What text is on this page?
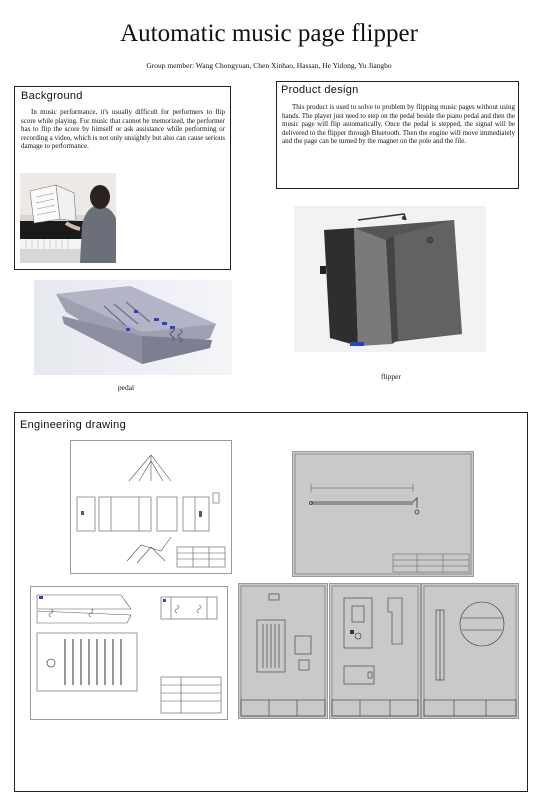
Automatic music page flipper
Group member: Wang Chongyuan, Chen Xinhao, Hassan, He Yidong, Yu Jiangbo
Background
In music performance, it's usually difficult for performers to flip score while playing. For music that cannot be memorized, the performer has to flip the score by himself or ask assistance while performing or recording a video, which is not only unsightly but also can cause serious damage to performance.
Product design
This product is used to solve to problem by flipping music pages without using hands. The player just need to step on the pedal beside the piano pedal and then the music page will flip automatically. Once the pedal is stepped, the signal will be delivered to the flipper through Bluetooth. Then the engine will move immediately and the page can be turned by the magnet on the pole and the file.
pedal
flipper
Engineering drawing
